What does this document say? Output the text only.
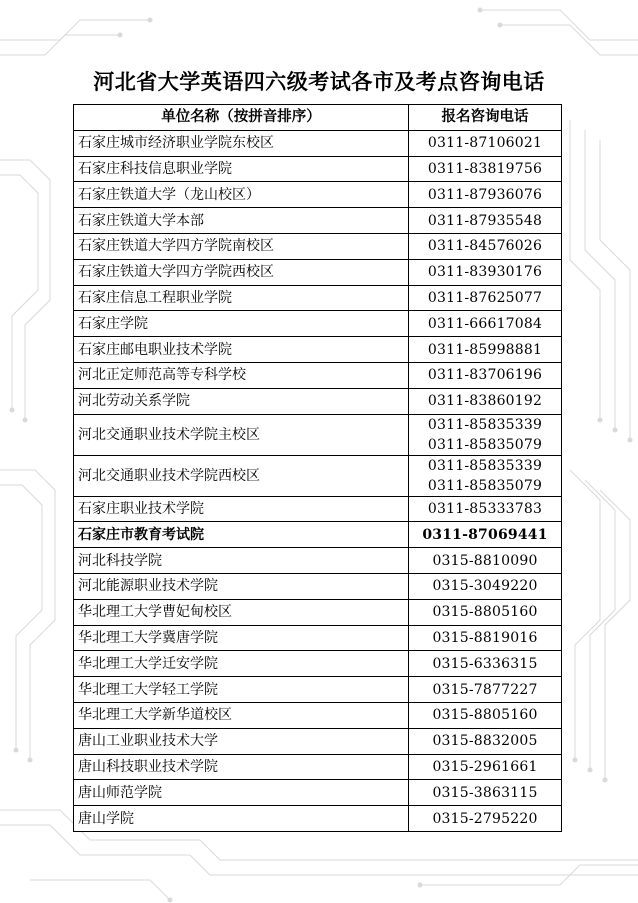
河北省大学英语四六级考试各市及考点咨询电话
单位名称（按拼音排序）	报名咨询电话
石家庄城市经济职业学院东校区	0311-87106021
石家庄科技信息职业学院	0311-83819756
石家庄铁道大学（龙山校区）	0311-87936076
石家庄铁道大学本部	0311-87935548
石家庄铁道大学四方学院南校区	0311-84576026
石家庄铁道大学四方学院西校区	0311-83930176
石家庄信息工程职业学院	0311-87625077
石家庄学院	0311-66617084
石家庄邮电职业技术学院	0311-85998881
河北正定师范高等专科学校	0311-83706196
河北劳动关系学院	0311-83860192
河北交通职业技术学院主校区	0311-85835339
0311-85835079

河北交通职业技术学院西校区	0311-85835339
0311-85835079

石家庄职业技术学院	0311-85333783
石家庄市教育考试院	0311-87069441
河北科技学院	0315-8810090
河北能源职业技术学院	0315-3049220
华北理工大学曹妃甸校区	0315-8805160
华北理工大学冀唐学院	0315-8819016
华北理工大学迁安学院	0315-6336315
华北理工大学轻工学院	0315-7877227
华北理工大学新华道校区	0315-8805160
唐山工业职业技术大学	0315-8832005
唐山科技职业技术学院	0315-2961661
唐山师范学院	0315-3863115
唐山学院	0315-2795220
